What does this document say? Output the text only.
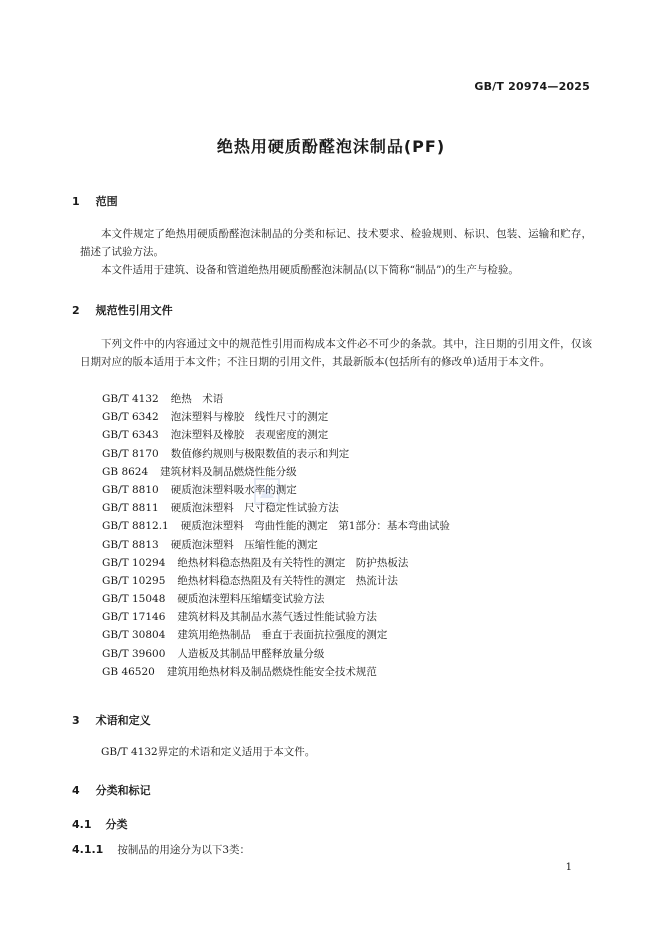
GB/T 20974—2025
绝热用硬质酚醛泡沫制品(PF)
1 范围

本文件规定了绝热用硬质酚醛泡沫制品的分类和标记、技术要求、检验规则、标识、包装、运输和贮存，描述了试验方法。

本文件适用于建筑、设备和管道绝热用硬质酚醛泡沫制品(以下简称“制品”)的生产与检验。

2 规范性引用文件

下列文件中的内容通过文中的规范性引用而构成本文件必不可少的条款。其中，注日期的引用文件，仅该日期对应的版本适用于本文件；不注日期的引用文件，其最新版本(包括所有的修改单)适用于本文件。

GB/T 4132 绝热　术语
GB/T 6342 泡沫塑料与橡胶　线性尺寸的测定
GB/T 6343 泡沫塑料及橡胶　表观密度的测定
GB/T 8170 数值修约规则与极限数值的表示和判定
GB 8624 建筑材料及制品燃烧性能分级
GB/T 8810 硬质泡沫塑料吸水率的测定
GB/T 8811 硬质泡沫塑料　尺寸稳定性试验方法
GB/T 8812.1 硬质泡沫塑料　弯曲性能的测定　第1部分：基本弯曲试验
GB/T 8813 硬质泡沫塑料　压缩性能的测定
GB/T 10294 绝热材料稳态热阻及有关特性的测定　防护热板法
GB/T 10295 绝热材料稳态热阻及有关特性的测定　热流计法
GB/T 15048 硬质泡沫塑料压缩蠕变试验方法
GB/T 17146 建筑材料及其制品水蒸气透过性能试验方法
GB/T 30804 建筑用绝热制品　垂直于表面抗拉强度的测定
GB/T 39600 人造板及其制品甲醛释放量分级
GB 46520 建筑用绝热材料及制品燃烧性能安全技术规范
3 术语和定义

GB/T 4132界定的术语和定义适用于本文件。

4 分类和标记
4.1 分类
4.1.1 按制品的用途分为以下3类：
1
